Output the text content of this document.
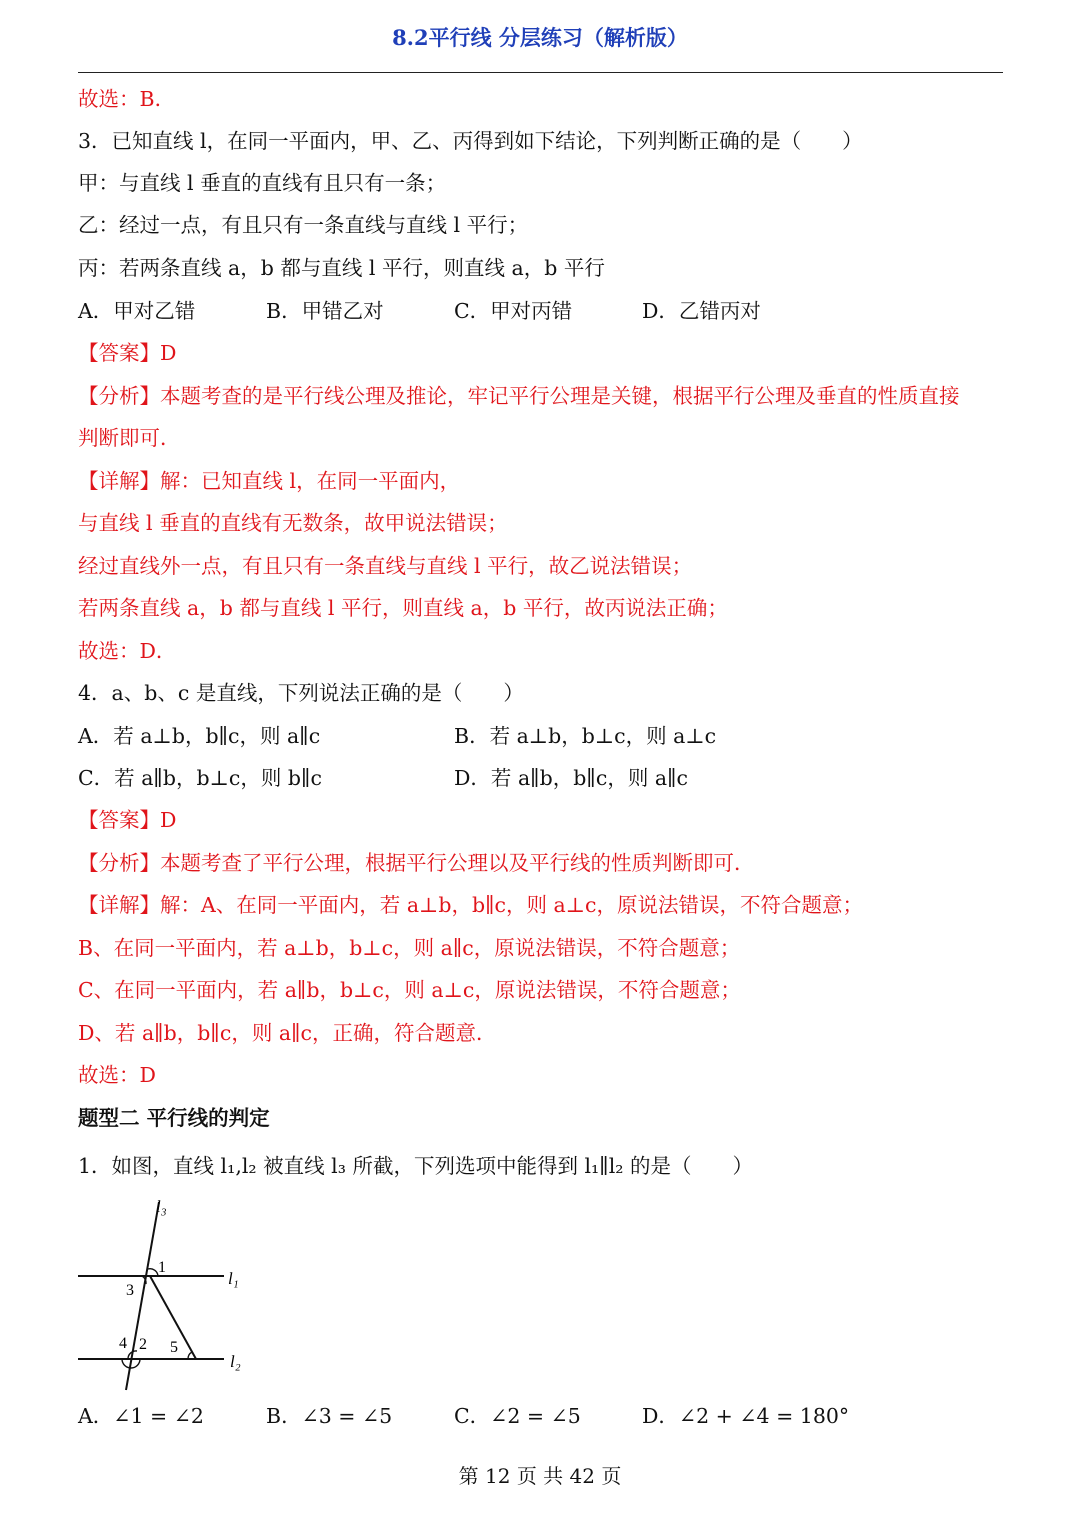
8.2平行线 分层练习（解析版）
故选：B．
3．已知直线 l，在同一平面内，甲、乙、丙得到如下结论，下列判断正确的是（　　）
甲：与直线 l 垂直的直线有且只有一条；
乙：经过一点，有且只有一条直线与直线 l 平行；
丙：若两条直线 a，b 都与直线 l 平行，则直线 a，b 平行
A．甲对乙错	B．甲错乙对	C．甲对丙错	D．乙错丙对
【答案】D
【分析】本题考查的是平行线公理及推论，牢记平行公理是关键，根据平行公理及垂直的性质直接
判断即可．
【详解】解：已知直线 l，在同一平面内，
与直线 l 垂直的直线有无数条，故甲说法错误；
经过直线外一点，有且只有一条直线与直线 l 平行，故乙说法错误；
若两条直线 a，b 都与直线 l 平行，则直线 a，b 平行，故丙说法正确；
故选：D．
4．a、b、c 是直线，下列说法正确的是（　　）
A．若 a⊥b，b∥c，则 a∥c	B．若 a⊥b，b⊥c，则 a⊥c
C．若 a∥b，b⊥c，则 b∥c	D．若 a∥b，b∥c，则 a∥c
【答案】D
【分析】本题考查了平行公理，根据平行公理以及平行线的性质判断即可．
【详解】解：A、在同一平面内，若 a⊥b，b∥c，则 a⊥c，原说法错误，不符合题意；
B、在同一平面内，若 a⊥b，b⊥c，则 a∥c，原说法错误，不符合题意；
C、在同一平面内，若 a∥b，b⊥c，则 a⊥c，原说法错误，不符合题意；
D、若 a∥b，b∥c，则 a∥c，正确，符合题意．
故选：D
题型二 平行线的判定
1．如图，直线 l₁,l₂ 被直线 l₃ 所截，下列选项中能得到 l₁∥l₂ 的是（　　）
l₃
1
l₁
3
4 2 5
l₂
A．∠1 = ∠2	B．∠3 = ∠5	C．∠2 = ∠5	D．∠2 + ∠4 = 180°
第 12 页 共 42 页
